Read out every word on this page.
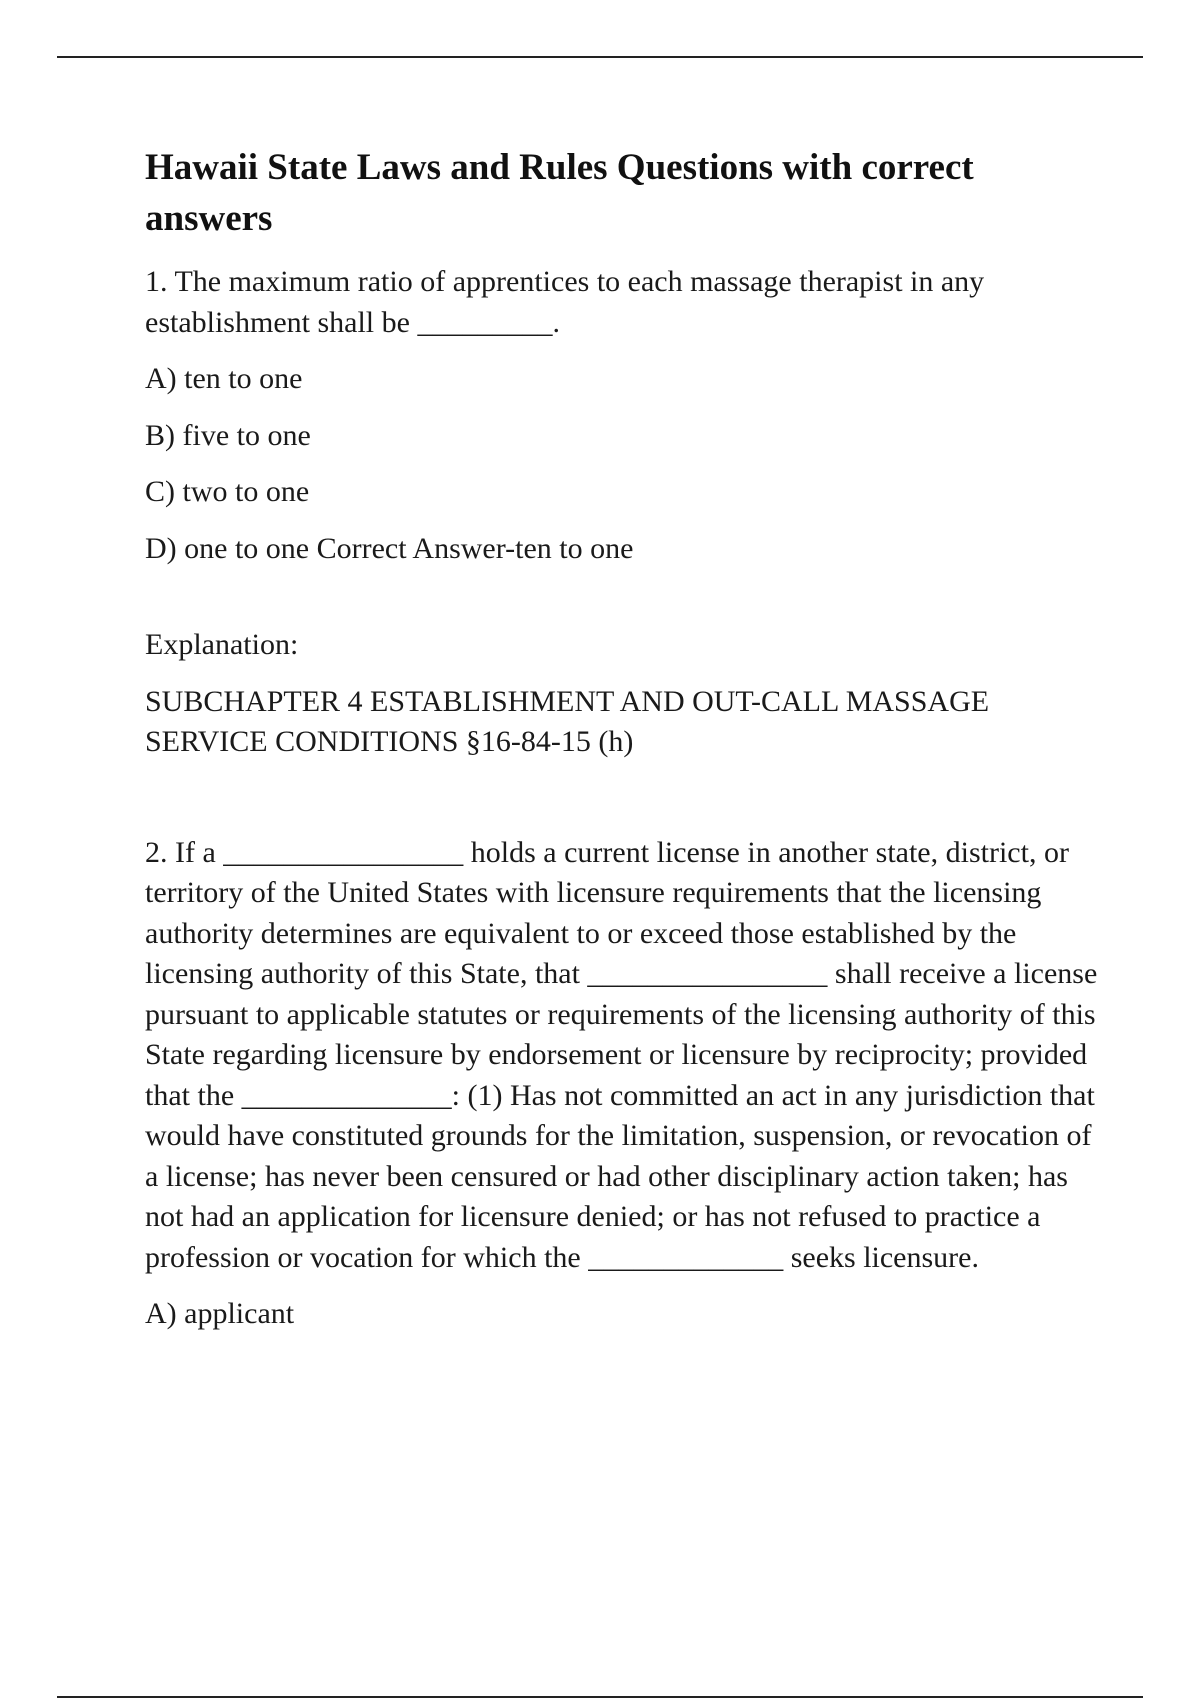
Hawaii State Laws and Rules Questions with correct answers

1. The maximum ratio of apprentices to each massage therapist in any establishment shall be _________.

A) ten to one

B) five to one

C) two to one

D) one to one Correct Answer-ten to one

Explanation:

SUBCHAPTER 4 ESTABLISHMENT AND OUT-CALL MASSAGE SERVICE CONDITIONS §16-84-15 (h)

2. If a ________________ holds a current license in another state, district, or territory of the United States with licensure requirements that the licensing authority determines are equivalent to or exceed those established by the licensing authority of this State, that ________________ shall receive a license pursuant to applicable statutes or requirements of the licensing authority of this State regarding licensure by endorsement or licensure by reciprocity; provided that the ______________: (1) Has not committed an act in any jurisdiction that would have constituted grounds for the limitation, suspension, or revocation of a license; has never been censured or had other disciplinary action taken; has not had an application for licensure denied; or has not refused to practice a profession or vocation for which the _____________ seeks licensure.

A) applicant
